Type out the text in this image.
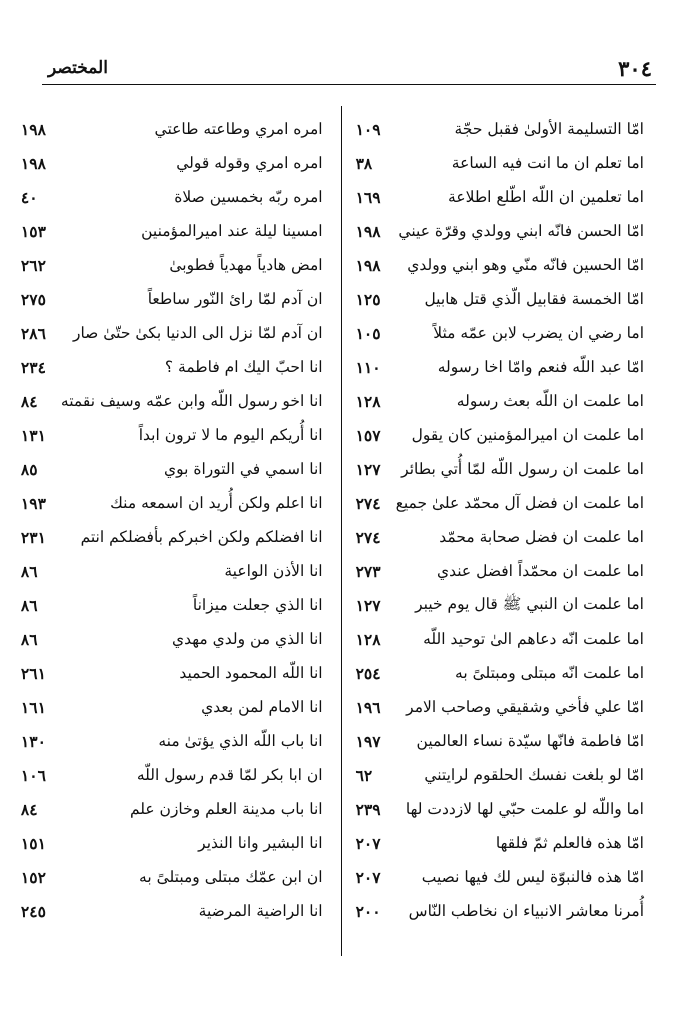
٣٠٤
المختصر
امّا التسليمة الأولىٰ فقبل حجّة
١٠٩
اما تعلم ان ما انت فيه الساعة
٣٨
اما تعلمين ان اللّه اطّلع اطلاعة
١٦٩
امّا الحسن فانّه ابني وولدي وقرّة عيني
١٩٨
امّا الحسين فانّه منّي وهو ابني وولدي
١٩٨
امّا الخمسة فقابيل الّذي قتل هابيل
١٢٥
اما رضي ان يضرب لابن عمّه مثلاً
١٠٥
امّا عبد اللّه فنعم وامّا اخا رسوله
١١٠
اما علمت ان اللّه بعث رسوله
١٢٨
اما علمت ان اميرالمؤمنين كان يقول
١٥٧
اما علمت ان رسول اللّه لمّا أُتي بطائر
١٢٧
اما علمت ان فضل آل محمّد علىٰ جميع
٢٧٤
اما علمت ان فضل صحابة محمّد
٢٧٤
اما علمت ان محمّداً افضل عندي
٢٧٣
اما علمت ان النبي ﷺ قال يوم خيبر
١٢٧
اما علمت انّه دعاهم الىٰ توحيد اللّه
١٢٨
اما علمت انّه مبتلى ومبتلىً به
٢٥٤
امّا علي فأخي وشقيقي وصاحب الامر
١٩٦
امّا فاطمة فانّها سيّدة نساء العالمين
١٩٧
امّا لو بلغت نفسك الحلقوم لرايتني
٦٢
اما واللّه لو علمت حبّي لها لازددت لها
٢٣٩
امّا هذه فالعلم ثمّ فلقها
٢٠٧
امّا هذه فالنبوّة ليس لك فيها نصيب
٢٠٧
أُمرنا معاشر الانبياء ان نخاطب النّاس
٢٠٠
امره امري وطاعته طاعتي
١٩٨
امره امري وقوله قولي
١٩٨
امره ربّه بخمسين صلاة
٤٠
امسينا ليلة عند اميرالمؤمنين
١٥٣
امض هادياً مهدياً فطوبىٰ
٢٦٢
ان آدم لمّا رائ النّور ساطعاً
٢٧٥
ان آدم لمّا نزل الى الدنيا بكىٰ حتّىٰ صار
٢٨٦
انا احبّ اليك ام فاطمة ؟
٢٣٤
انا اخو رسول اللّه وابن عمّه وسيف نقمته
٨٤
انا أُريكم اليوم ما لا ترون ابداً
١٣١
انا اسمي في التوراة بوي
٨٥
انا اعلم ولكن أُريد ان اسمعه منك
١٩٣
انا افضلكم ولكن اخبركم بأفضلكم انتم
٢٣١
انا الأذن الواعية
٨٦
انا الذي جعلت ميزاناً
٨٦
انا الذي من ولدي مهدي
٨٦
انا اللّه المحمود الحميد
٢٦١
انا الامام لمن بعدي
١٦١
انا باب اللّه الذي يؤتىٰ منه
١٣٠
ان ابا بكر لمّا قدم رسول اللّه
١٠٦
انا باب مدينة العلم وخازن علم
٨٤
انا البشير وانا النذير
١٥١
ان ابن عمّك مبتلى ومبتلىً به
١٥٢
انا الراضية المرضية
٢٤٥
